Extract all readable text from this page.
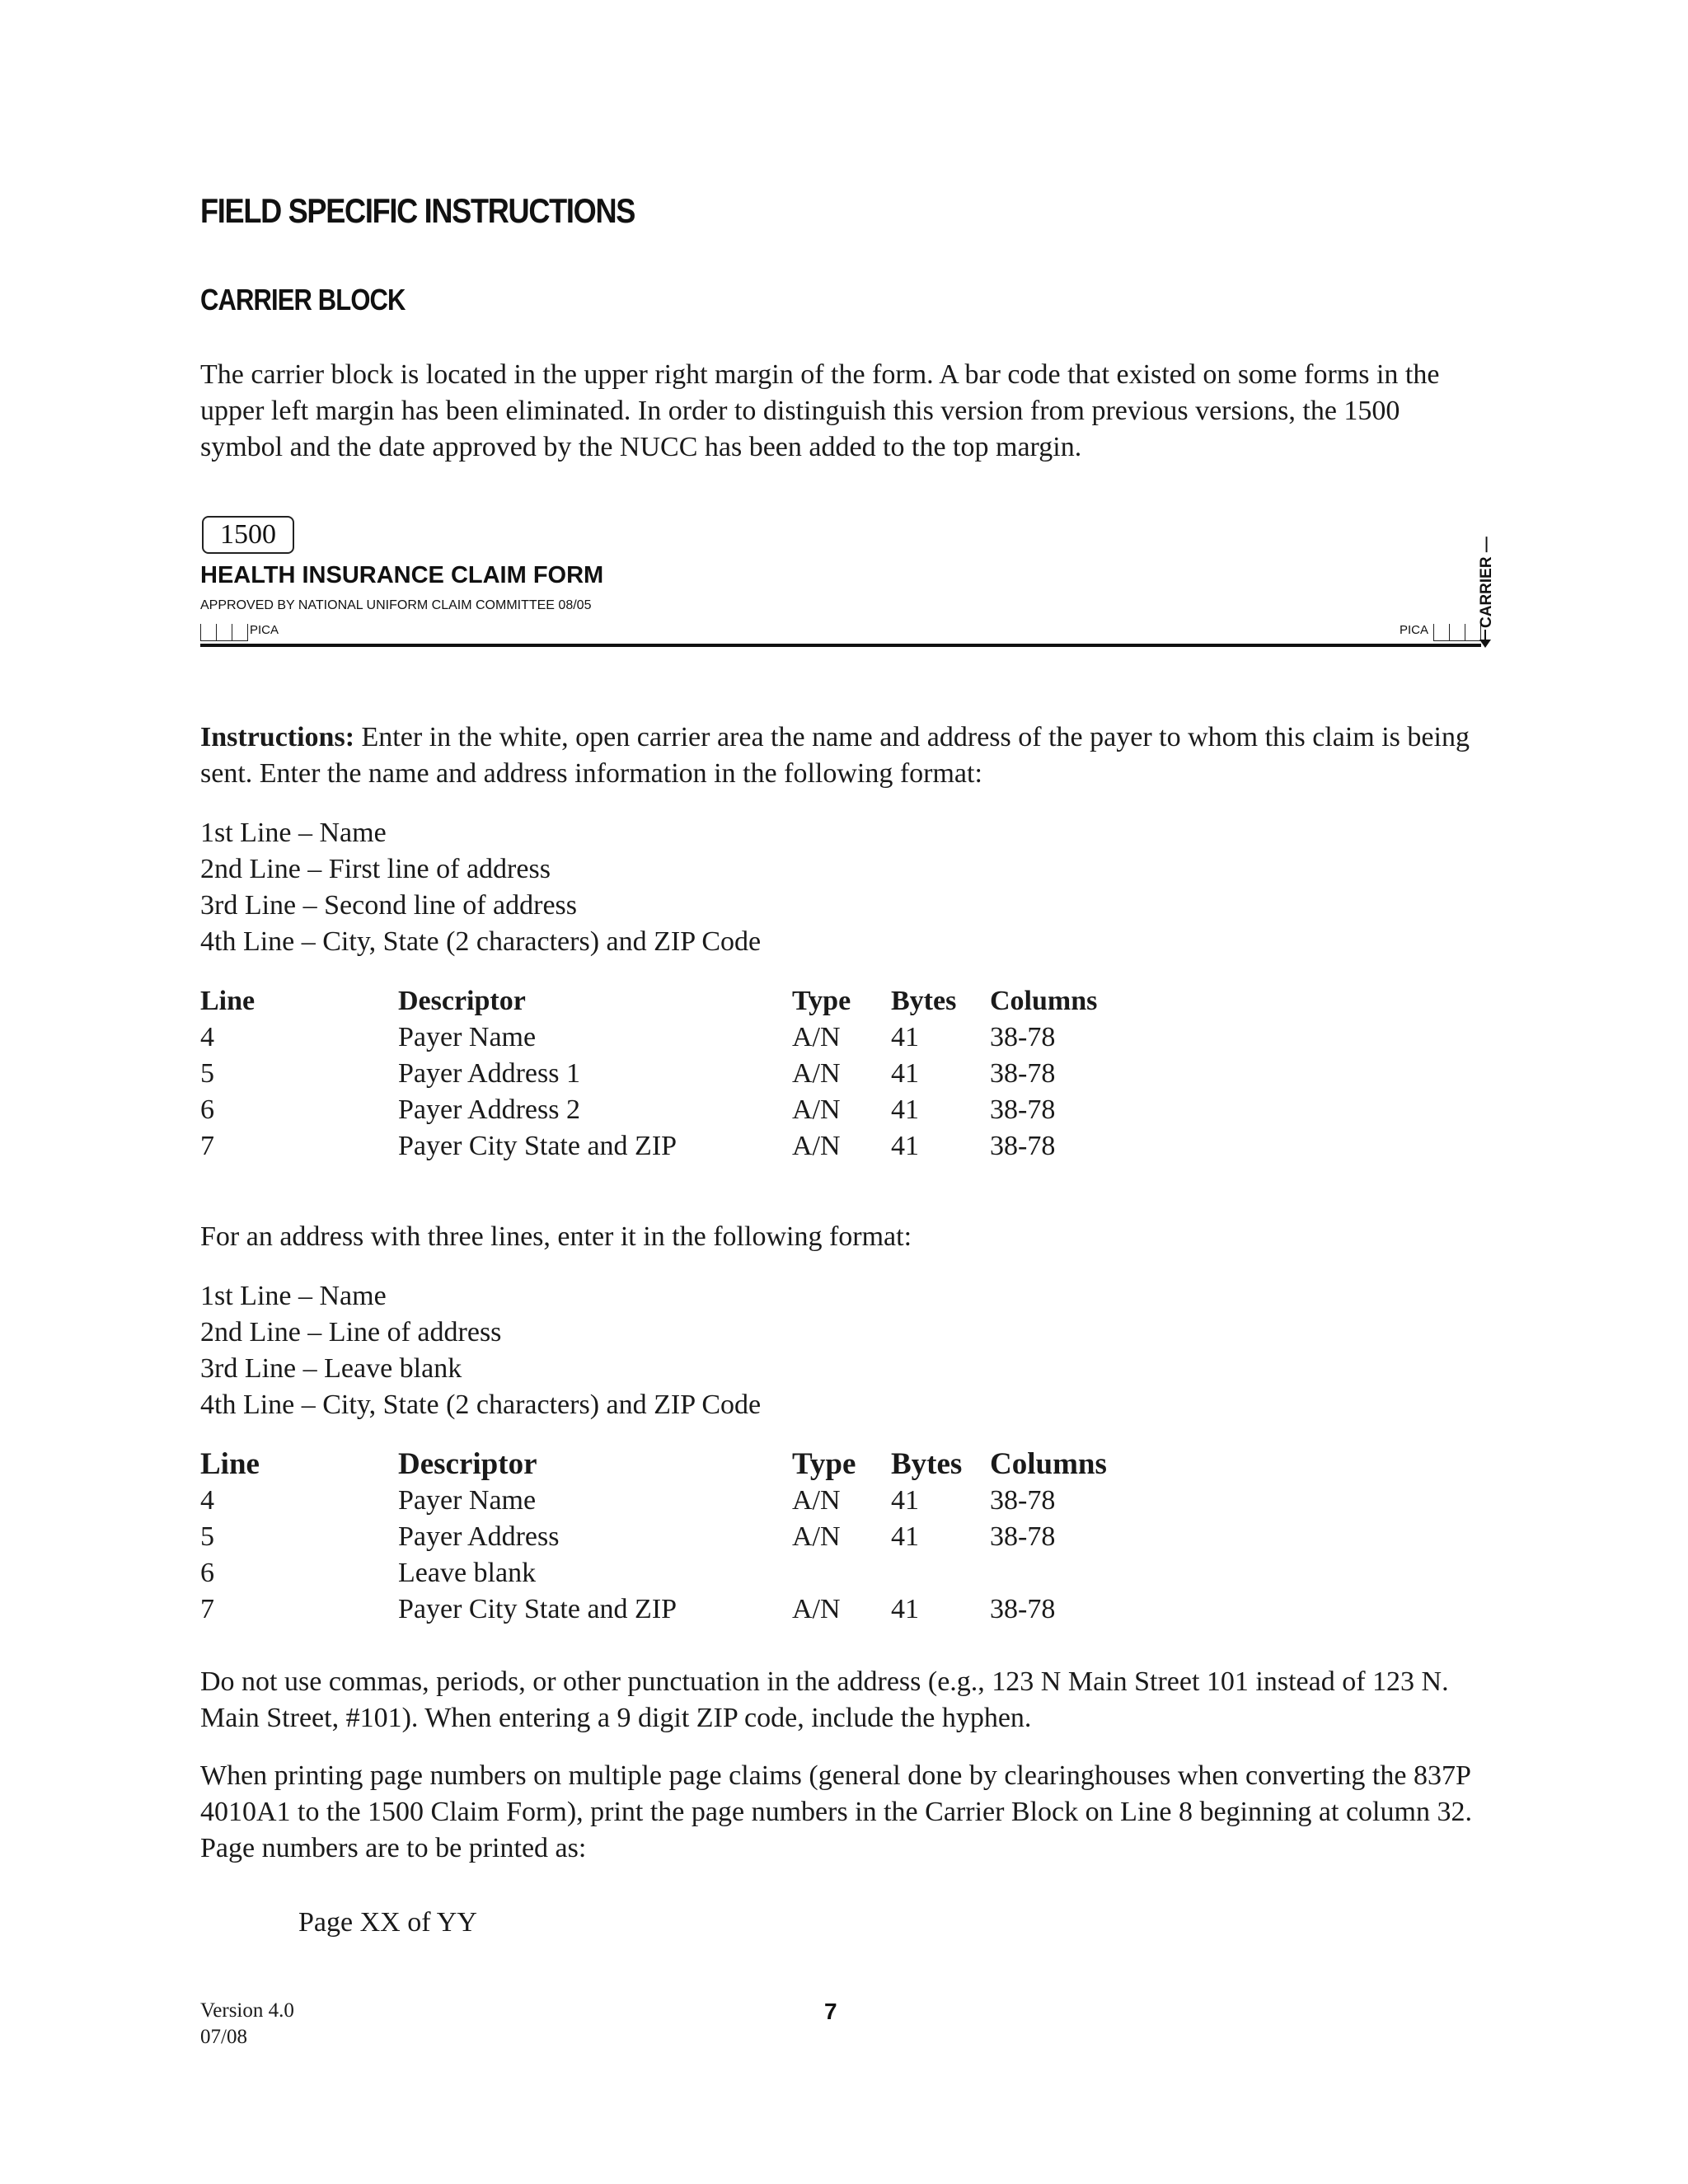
FIELD SPECIFIC INSTRUCTIONS
CARRIER BLOCK

The carrier block is located in the upper right margin of the form. A bar code that existed on some forms in the upper left margin has been eliminated. In order to distinguish this version from previous versions, the 1500 symbol and the date approved by the NUCC has been added to the top margin.

1500
HEALTH INSURANCE CLAIM FORM
APPROVED BY NATIONAL UNIFORM CLAIM COMMITTEE 08/05
PICA	PICA
CARRIER —

Instructions: Enter in the white, open carrier area the name and address of the payer to whom this claim is being sent. Enter the name and address information in the following format:

1st Line – Name
2nd Line – First line of address
3rd Line – Second line of address
4th Line – City, State (2 characters) and ZIP Code
Line	Descriptor	Type	Bytes	Columns
4	Payer Name	A/N	41	38-78
5	Payer Address 1	A/N	41	38-78
6	Payer Address 2	A/N	41	38-78
7	Payer City State and ZIP	A/N	41	38-78

For an address with three lines, enter it in the following format:

1st Line – Name
2nd Line – Line of address
3rd Line – Leave blank
4th Line – City, State (2 characters) and ZIP Code
Line	Descriptor	Type	Bytes	Columns
4	Payer Name	A/N	41	38-78
5	Payer Address	A/N	41	38-78
6	Leave blank			
7	Payer City State and ZIP	A/N	41	38-78

Do not use commas, periods, or other punctuation in the address (e.g., 123 N Main Street 101 instead of 123 N. Main Street, #101). When entering a 9 digit ZIP code, include the hyphen.

When printing page numbers on multiple page claims (general done by clearinghouses when converting the 837P 4010A1 to the 1500 Claim Form), print the page numbers in the Carrier Block on Line 8 beginning at column 32. Page numbers are to be printed as:

Page XX of YY

Version 4.0
07/08
7
